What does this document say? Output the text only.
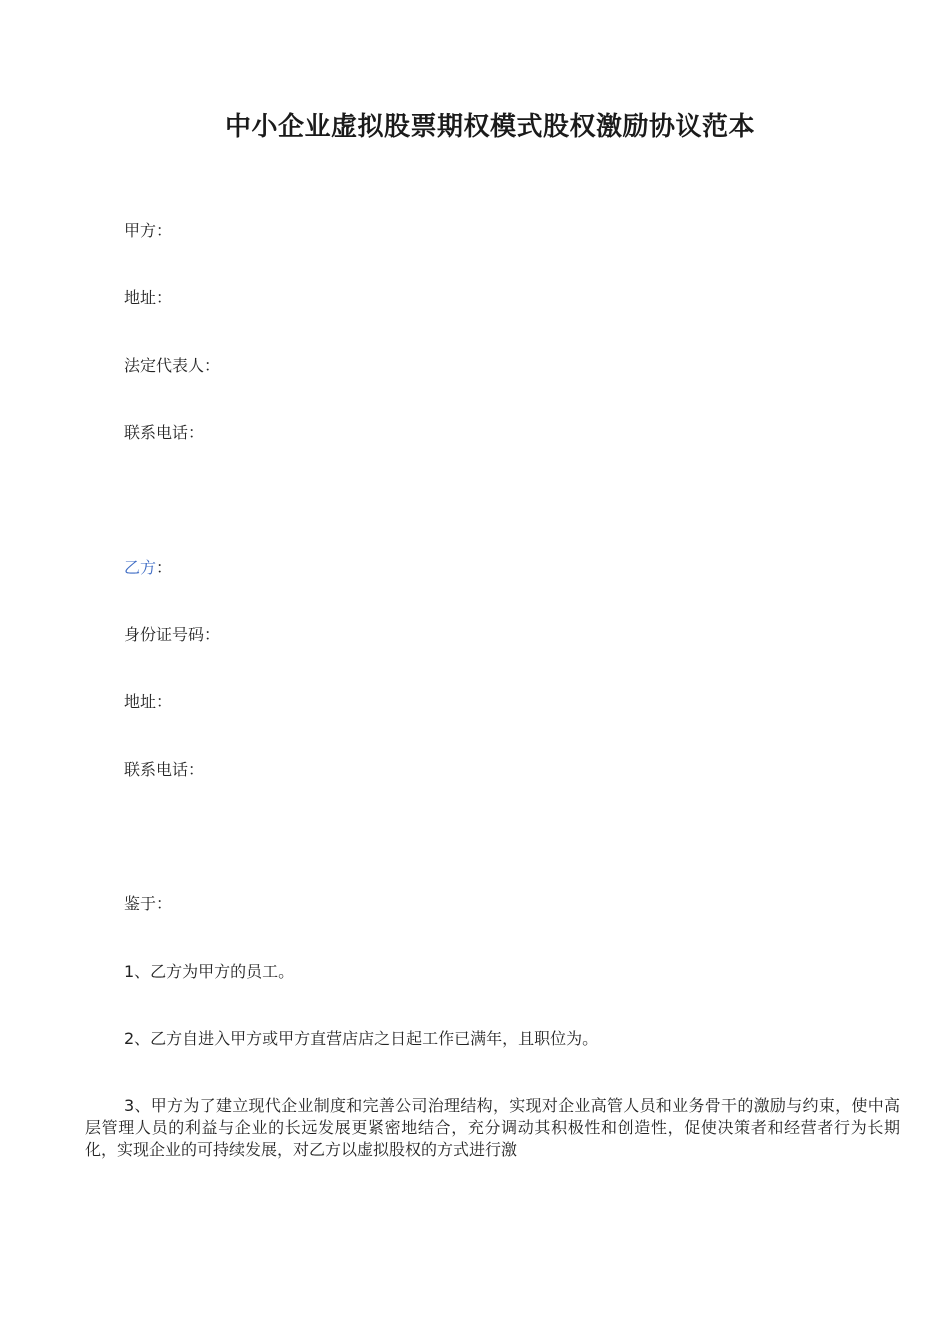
中小企业虚拟股票期权模式股权激励协议范本
甲方：
地址：
法定代表人：
联系电话：
乙方：
身份证号码：
地址：
联系电话：
鉴于：
1、乙方为甲方的员工。
2、乙方自进入甲方或甲方直营店店之日起工作已满年，且职位为。
3、甲方为了建立现代企业制度和完善公司治理结构，实现对企业高管人员和业务骨干的激励与约束，使中高层管理人员的利益与企业的长远发展更紧密地结合，充分调动其积极性和创造性，促使决策者和经营者行为长期化，实现企业的可持续发展，对乙方以虚拟股权的方式进行激
